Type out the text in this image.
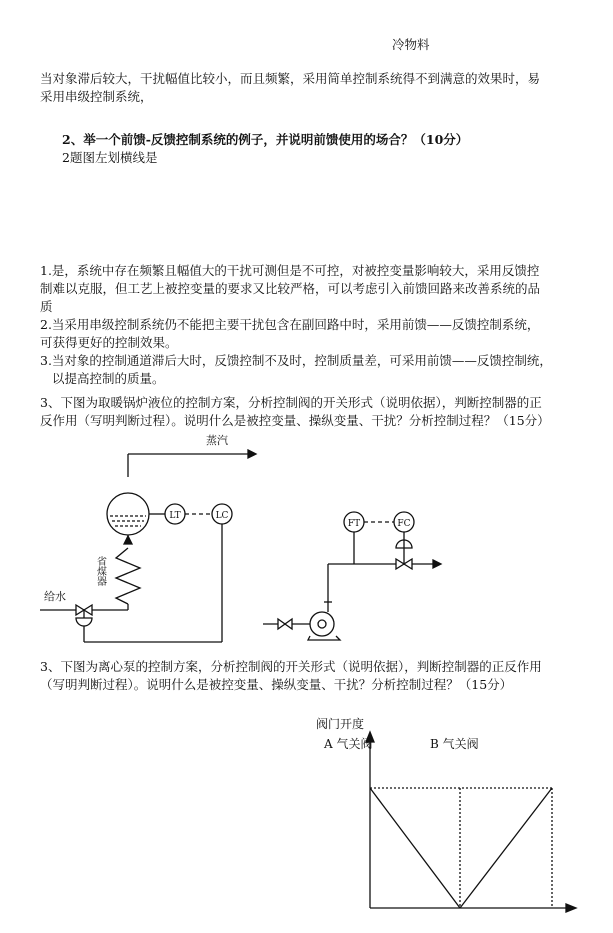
冷物料
当对象滞后较大，干扰幅值比较小，而且频繁，采用简单控制系统得不到满意的效果时，易
采用串级控制系统，
2、举一个前馈-反馈控制系统的例子，并说明前馈使用的场合？（10分）
2题图左划横线是
1.是，系统中存在频繁且幅值大的干扰可测但是不可控，对被控变量影响较大，采用反馈控
制难以克服，但工艺上被控变量的要求又比较严格，可以考虑引入前馈回路来改善系统的品
质
2.当采用串级控制系统仍不能把主要干扰包含在副回路中时，采用前馈——反馈控制系统，
可获得更好的控制效果。
3.当对象的控制通道滞后大时，反馈控制不及时，控制质量差，可采用前馈——反馈控制统，
以提高控制的质量。
3、下图为取暖锅炉液位的控制方案，分析控制阀的开关形式（说明依据），判断控制器的正
反作用（写明判断过程）。说明什么是被控变量、操纵变量、干扰？分析控制过程？（15分）
LT	LC
蒸汽
省煤器
给水
FT	FC
3、下图为离心泵的控制方案，分析控制阀的开关形式（说明依据），判断控制器的正反作用
（写明判断过程）。说明什么是被控变量、操纵变量、干扰？分析控制过程？（15分）
阀门开度
A 气关阀	B 气关阀
